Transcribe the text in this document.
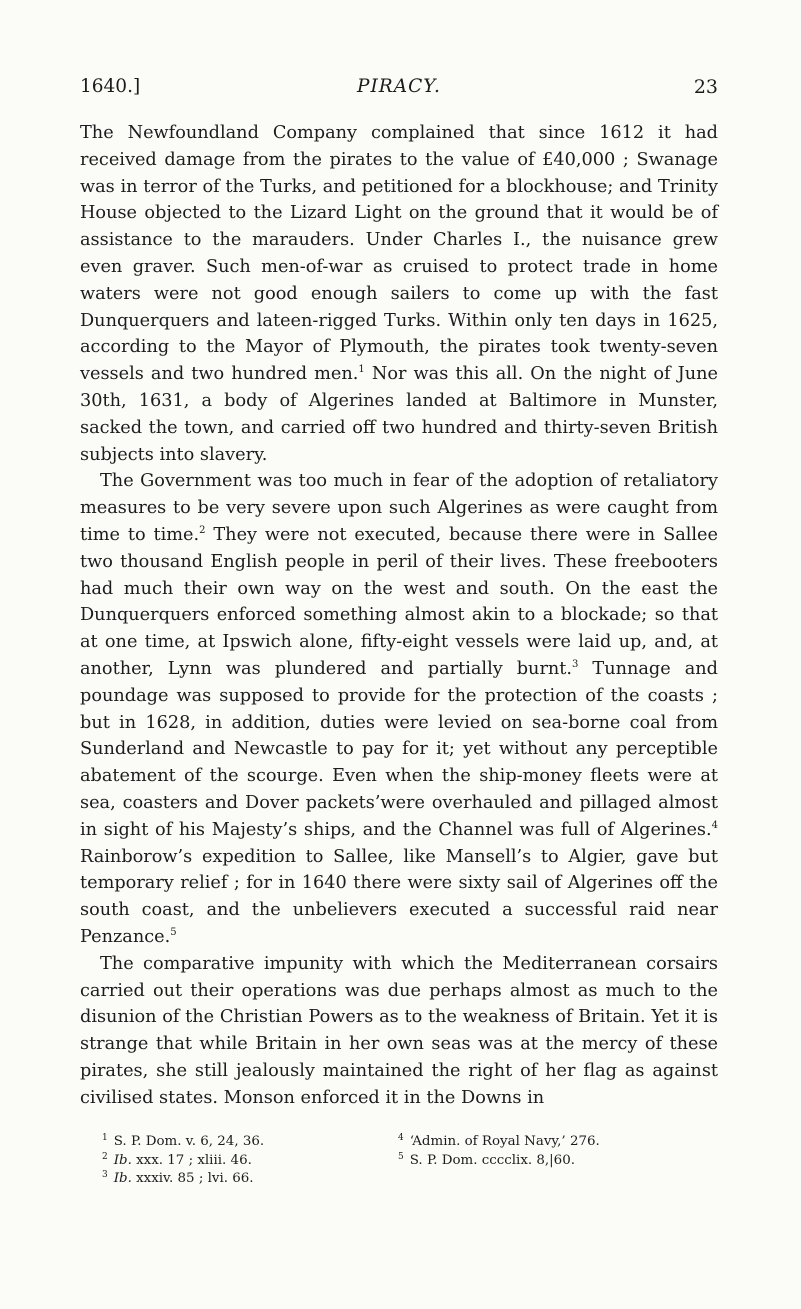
1640.]	PIRACY.	23

The Newfoundland Company complained that since 1612 it had received damage from the pirates to the value of £40,000 ; Swanage was in terror of the Turks, and petitioned for a blockhouse; and Trinity House objected to the Lizard Light on the ground that it would be of assistance to the marauders. Under Charles I., the nuisance grew even graver. Such men-of-war as cruised to protect trade in home waters were not good enough sailers to come up with the fast Dunquerquers and lateen-rigged Turks. Within only ten days in 1625, according to the Mayor of Plymouth, the pirates took twenty-seven vessels and two hundred men.$^1$ Nor was this all. On the night of June 30th, 1631, a body of Algerines landed at Baltimore in Munster, sacked the town, and carried off two hundred and thirty-seven British subjects into slavery.

The Government was too much in fear of the adoption of retaliatory measures to be very severe upon such Algerines as were caught from time to time.$^2$ They were not executed, because there were in Sallee two thousand English people in peril of their lives. These freebooters had much their own way on the west and south. On the east the Dunquerquers enforced something almost akin to a blockade; so that at one time, at Ipswich alone, fifty-eight vessels were laid up, and, at another, Lynn was plundered and partially burnt.$^3$ Tunnage and poundage was supposed to provide for the protection of the coasts ; but in 1628, in addition, duties were levied on sea-borne coal from Sunderland and Newcastle to pay for it; yet without any perceptible abatement of the scourge. Even when the ship-money fleets were at sea, coasters and Dover packets’were overhauled and pillaged almost in sight of his Majesty’s ships, and the Channel was full of Algerines.$^4$ Rainborow’s expedition to Sallee, like Mansell’s to Algier, gave but temporary relief ; for in 1640 there were sixty sail of Algerines off the south coast, and the unbelievers executed a successful raid near Penzance.$^5$

The comparative impunity with which the Mediterranean corsairs carried out their operations was due perhaps almost as much to the disunion of the Christian Powers as to the weakness of Britain. Yet it is strange that while Britain in her own seas was at the mercy of these pirates, she still jealously maintained the right of her flag as against civilised states. Monson enforced it in the Downs in

$^1$ S. P. Dom. v. 6, 24, 36.
$^2$ Ib. xxx. 17 ; xliii. 46.
$^3$ Ib. xxxiv. 85 ; lvi. 66.
$^4$ ‘Admin. of Royal Navy,’ 276.
$^5$ S. P. Dom. cccclix. 8,|60.
